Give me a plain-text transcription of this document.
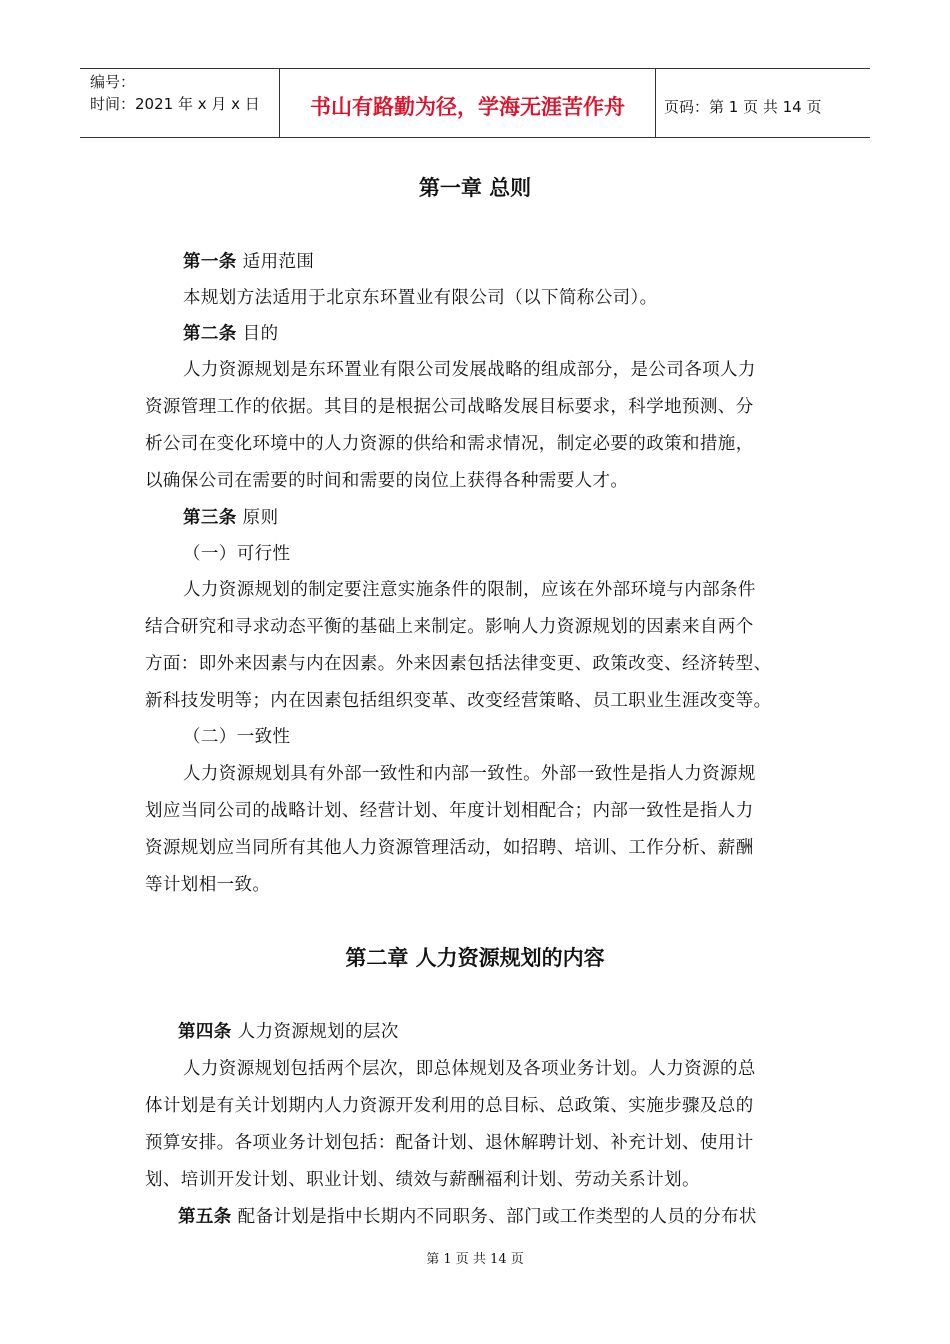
编号：
时间：2021 年 x 月 x 日	书山有路勤为径，学海无涯苦作舟	页码：第 1 页 共 14 页
第一章 总则
第一条 适用范围
本规划方法适用于北京东环置业有限公司（以下简称公司）。
第二条 目的
人力资源规划是东环置业有限公司发展战略的组成部分，是公司各项人力
资源管理工作的依据。其目的是根据公司战略发展目标要求，科学地预测、分
析公司在变化环境中的人力资源的供给和需求情况，制定必要的政策和措施，
以确保公司在需要的时间和需要的岗位上获得各种需要人才。
第三条 原则
（一）可行性
人力资源规划的制定要注意实施条件的限制，应该在外部环境与内部条件
结合研究和寻求动态平衡的基础上来制定。影响人力资源规划的因素来自两个
方面：即外来因素与内在因素。外来因素包括法律变更、政策改变、经济转型、
新科技发明等；内在因素包括组织变革、改变经营策略、员工职业生涯改变等。
（二）一致性
人力资源规划具有外部一致性和内部一致性。外部一致性是指人力资源规
划应当同公司的战略计划、经营计划、年度计划相配合；内部一致性是指人力
资源规划应当同所有其他人力资源管理活动，如招聘、培训、工作分析、薪酬
等计划相一致。
第二章 人力资源规划的内容
第四条 人力资源规划的层次
人力资源规划包括两个层次，即总体规划及各项业务计划。人力资源的总
体计划是有关计划期内人力资源开发利用的总目标、总政策、实施步骤及总的
预算安排。各项业务计划包括：配备计划、退休解聘计划、补充计划、使用计
划、培训开发计划、职业计划、绩效与薪酬福利计划、劳动关系计划。
第五条 配备计划是指中长期内不同职务、部门或工作类型的人员的分布状
第 1 页 共 14 页
